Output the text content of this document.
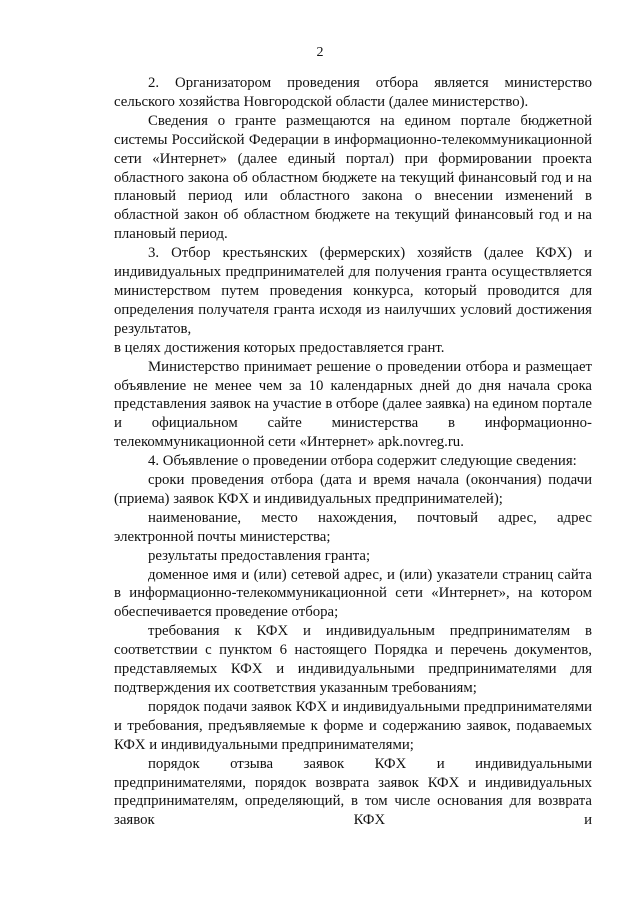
2

2. Организатором проведения отбора является министерство сельского хозяйства Новгородской области (далее министерство).

Сведения о гранте размещаются на едином портале бюджетной системы Российской Федерации в информационно-телекоммуникационной сети «Интернет» (далее единый портал) при формировании проекта областного закона об областном бюджете на текущий финансовый год и на плановый период или областного закона о внесении изменений в областной закон об областном бюджете на текущий финансовый год и на плановый период.

3. Отбор крестьянских (фермерских) хозяйств (далее КФХ) и индивидуальных предпринимателей для получения гранта осуществляется министерством путем проведения конкурса, который проводится для определения получателя гранта исходя из наилучших условий достижения результатов,

в целях достижения которых предоставляется грант.

Министерство принимает решение о проведении отбора и размещает объявление не менее чем за 10 календарных дней до дня начала срока представления заявок на участие в отборе (далее заявка) на едином портале и официальном сайте министерства в информационно-телекоммуникационной сети «Интернет» apk.novreg.ru.

4. Объявление о проведении отбора содержит следующие сведения:

сроки проведения отбора (дата и время начала (окончания) подачи (приема) заявок КФХ и индивидуальных предпринимателей);

наименование, место нахождения, почтовый адрес, адрес электронной почты министерства;

результаты предоставления гранта;

доменное имя и (или) сетевой адрес, и (или) указатели страниц сайта в информационно-телекоммуникационной сети «Интернет», на котором обеспечивается проведение отбора;

требования к КФХ и индивидуальным предпринимателям в соответствии с пунктом 6 настоящего Порядка и перечень документов, представляемых КФХ и индивидуальными предпринимателями для подтверждения их соответствия указанным требованиям;

порядок подачи заявок КФХ и индивидуальными предпринимателями и требования, предъявляемые к форме и содержанию заявок, подаваемых КФХ и индивидуальными предпринимателями;

порядок отзыва заявок КФХ и индивидуальными предпринимателями, порядок возврата заявок КФХ и индивидуальных предпринимателям, определяющий, в том числе основания для возврата заявок КФХ и
